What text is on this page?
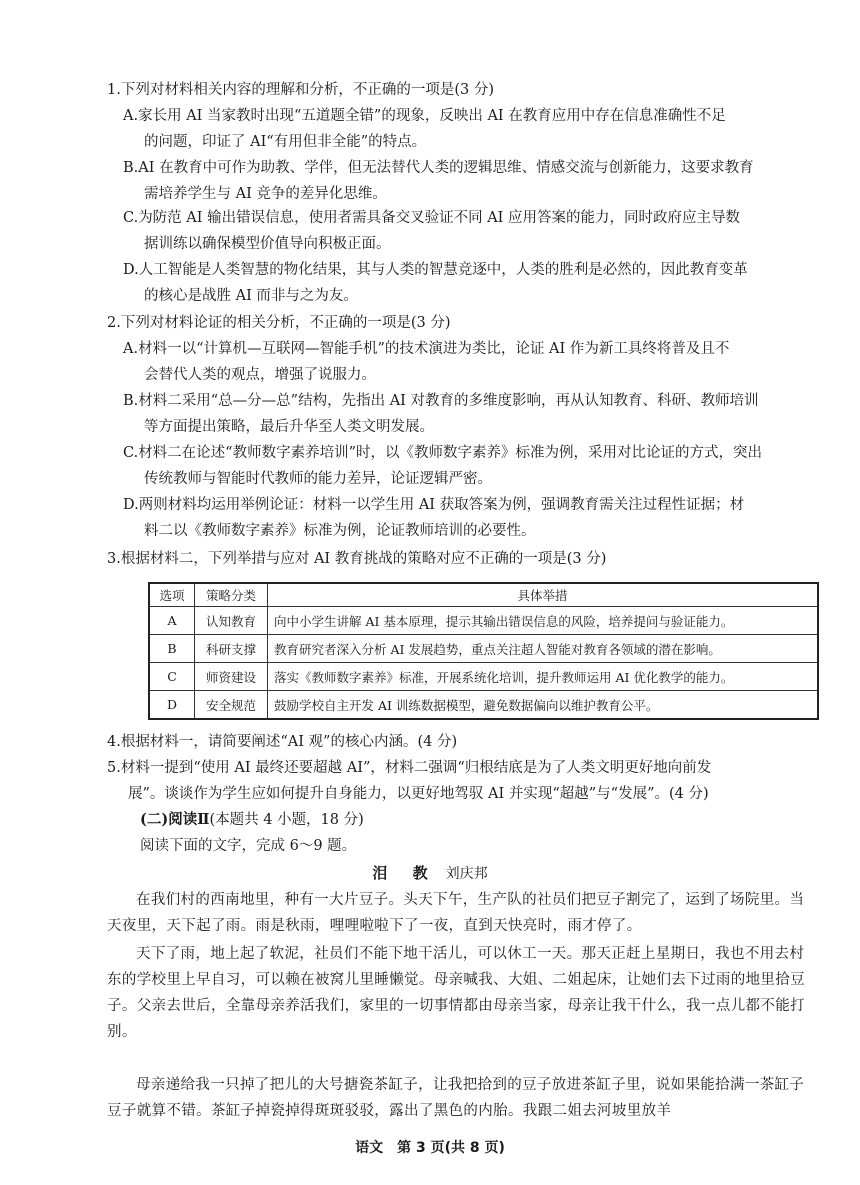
1.下列对材料相关内容的理解和分析，不正确的一项是(3 分)
A.家长用 AI 当家教时出现“五道题全错”的现象，反映出 AI 在教育应用中存在信息准确性不足
的问题，印证了 AI“有用但非全能”的特点。
B.AI 在教育中可作为助教、学伴，但无法替代人类的逻辑思维、情感交流与创新能力，这要求教育
需培养学生与 AI 竞争的差异化思维。
C.为防范 AI 输出错误信息，使用者需具备交叉验证不同 AI 应用答案的能力，同时政府应主导数
据训练以确保模型价值导向积极正面。
D.人工智能是人类智慧的物化结果，其与人类的智慧竞逐中，人类的胜利是必然的，因此教育变革
的核心是战胜 AI 而非与之为友。
2.下列对材料论证的相关分析，不正确的一项是(3 分)
A.材料一以“计算机—互联网—智能手机”的技术演进为类比，论证 AI 作为新工具终将普及且不
会替代人类的观点，增强了说服力。
B.材料二采用“总—分—总”结构，先指出 AI 对教育的多维度影响，再从认知教育、科研、教师培训
等方面提出策略，最后升华至人类文明发展。
C.材料二在论述“教师数字素养培训”时，以《教师数字素养》标准为例，采用对比论证的方式，突出
传统教师与智能时代教师的能力差异，论证逻辑严密。
D.两则材料均运用举例论证：材料一以学生用 AI 获取答案为例，强调教育需关注过程性证据；材
料二以《教师数字素养》标准为例，论证教师培训的必要性。
3.根据材料二，下列举措与应对 AI 教育挑战的策略对应不正确的一项是(3 分)
选项	策略分类	具体举措
A	认知教育	向中小学生讲解 AI 基本原理，提示其输出错误信息的风险，培养提问与验证能力。
B	科研支撑	教育研究者深入分析 AI 发展趋势，重点关注超人智能对教育各领域的潜在影响。
C	师资建设	落实《教师数字素养》标准，开展系统化培训，提升教师运用 AI 优化教学的能力。
D	安全规范	鼓励学校自主开发 AI 训练数据模型，避免数据偏向以维护教育公平。
4.根据材料一，请简要阐述“AI 观”的核心内涵。(4 分)
5.材料一提到“使用 AI 最终还要超越 AI”，材料二强调“归根结底是为了人类文明更好地向前发
展”。谈谈作为学生应如何提升自身能力，以更好地驾驭 AI 并实现“超越”与“发展”。(4 分)
(二)阅读Ⅱ(本题共 4 小题，18 分)
阅读下面的文字，完成 6～9 题。
泪 教 刘庆邦
在我们村的西南地里，种有一大片豆子。头天下午，生产队的社员们把豆子割完了，运到了场院里。当天夜里，天下起了雨。雨是秋雨，哩哩啦啦下了一夜，直到天快亮时，雨才停了。
天下了雨，地上起了软泥，社员们不能下地干活儿，可以休工一天。那天正赶上星期日，我也不用去村东的学校里上早自习，可以赖在被窝儿里睡懒觉。母亲喊我、大姐、二姐起床，让她们去下过雨的地里拾豆子。父亲去世后，全靠母亲养活我们，家里的一切事情都由母亲当家，母亲让我干什么，我一点儿都不能打别。
母亲递给我一只掉了把儿的大号搪瓷茶缸子，让我把拾到的豆子放进茶缸子里，说如果能拾满一茶缸子豆子就算不错。茶缸子掉瓷掉得斑斑驳驳，露出了黑色的内胎。我跟二姐去河坡里放羊
语文　第 3 页(共 8 页)
